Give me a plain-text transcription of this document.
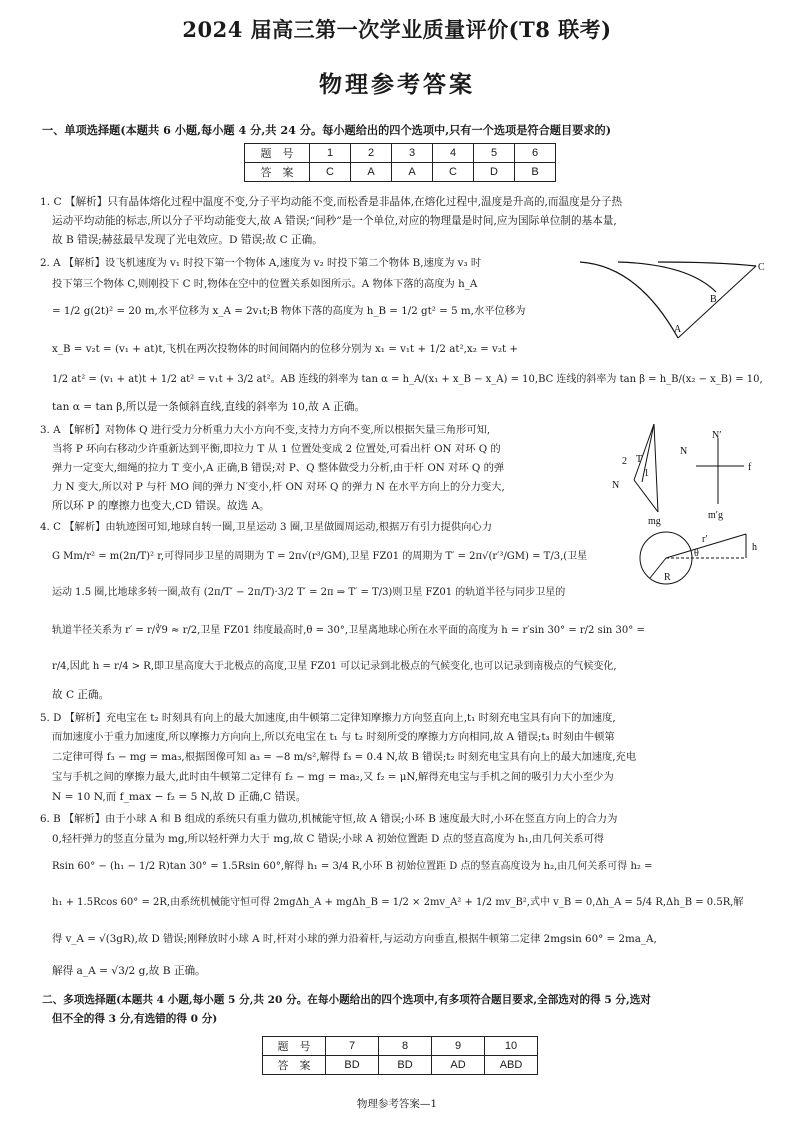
2024 届高三第一次学业质量评价(T8 联考)
物理参考答案
一、单项选择题(本题共 6 小题,每小题 4 分,共 24 分。每小题给出的四个选项中,只有一个选项是符合题目要求的)
题　号	1	2	3	4	5	6
答　案	C	A	A	C	D	B
1. C 【解析】只有晶体熔化过程中温度不变,分子平均动能不变,而松香是非晶体,在熔化过程中,温度是升高的,而温度是分子热
运动平均动能的标志,所以分子平均动能变大,故 A 错误;“间秒”是一个单位,对应的物理量是时间,应为国际单位制的基本量,
故 B 错误;赫兹最早发现了光电效应。D 错误;故 C 正确。
2. A 【解析】设飞机速度为 v₁ 时投下第一个物体 A,速度为 v₂ 时投下第二个物体 B,速度为 v₃ 时
投下第三个物体 C,则刚投下 C 时,物体在空中的位置关系如图所示。A 物体下落的高度为 h_A
= 1/2 g(2t)² = 20 m,水平位移为 x_A = 2v₁t;B 物体下落的高度为 h_B = 1/2 gt² = 5 m,水平位移为
x_B = v₂t = (v₁ + at)t,飞机在两次投物体的时间间隔内的位移分别为 x₁ = v₁t + 1/2 at²,x₂ = v₂t +
1/2 at² = (v₁ + at)t + 1/2 at² = v₁t + 3/2 at²。AB 连线的斜率为 tan α = h_A/(x₁ + x_B − x_A) = 10,BC 连线的斜率为 tan β = h_B/(x₂ − x_B) = 10,
tan α = tan β,所以是一条倾斜直线,直线的斜率为 10,故 A 正确。
A
B
C
3. A 【解析】对物体 Q 进行受力分析重力大小方向不变,支持力方向不变,所以根据矢量三角形可知,
当将 P 环向右移动少许重新达到平衡,即拉力 T 从 1 位置处变成 2 位置处,可看出杆 ON 对环 Q 的
弹力一定变大,细绳的拉力 T 变小,A 正确,B 错误;对 P、Q 整体做受力分析,由于杆 ON 对环 Q 的弹
力 N 变大,所以对 P 与杆 MO 间的弹力 N′变小,杆 ON 对环 Q 的弹力 N 在水平方向上的分力变大,
所以环 P 的摩擦力也变大,CD 错误。故选 A。
2 T
1
N
mg
N′
N
f
m′g
4. C 【解析】由轨迹图可知,地球自转一圈,卫星运动 3 圈,卫星做圆周运动,根据万有引力提供向心力
G Mm/r² = m(2π/T)² r,可得同步卫星的周期为 T = 2π√(r³/GM),卫星 FZ01 的周期为 T′ = 2π√(r′³/GM) = T/3,(卫星
运动 1.5 圈,比地球多转一圈,故有 (2π/T′ − 2π/T)·3/2 T′ = 2π ⇒ T′ = T/3)则卫星 FZ01 的轨道半径与同步卫星的
轨道半径关系为 r′ = r/∛9 ≈ r/2,卫星 FZ01 纬度最高时,θ = 30°,卫星离地球心所在水平面的高度为 h = r′sin 30° = r/2 sin 30° =
r/4,因此 h = r/4 > R,即卫星高度大于北极点的高度,卫星 FZ01 可以记录到北极点的气候变化,也可以记录到南极点的气候变化,
故 C 正确。
r′
θ
h
R
5. D 【解析】充电宝在 t₂ 时刻具有向上的最大加速度,由牛顿第二定律知摩擦力方向竖直向上,t₁ 时刻充电宝具有向下的加速度,
而加速度小于重力加速度,所以摩擦力方向向上,所以充电宝在 t₁ 与 t₂ 时刻所受的摩擦力方向相同,故 A 错误;t₃ 时刻由牛顿第
二定律可得 f₃ − mg = ma₃,根据图像可知 a₃ = −8 m/s²,解得 f₃ = 0.4 N,故 B 错误;t₂ 时刻充电宝具有向上的最大加速度,充电
宝与手机之间的摩擦力最大,此时由牛顿第二定律有 f₂ − mg = ma₂,又 f₂ = μN,解得充电宝与手机之间的吸引力大小至少为
N = 10 N,而 f_max − f₂ = 5 N,故 D 正确,C 错误。
6. B 【解析】由于小球 A 和 B 组成的系统只有重力做功,机械能守恒,故 A 错误;小环 B 速度最大时,小环在竖直方向上的合力为
0,轻杆弹力的竖直分量为 mg,所以轻杆弹力大于 mg,故 C 错误;小球 A 初始位置距 D 点的竖直高度为 h₁,由几何关系可得
Rsin 60° − (h₁ − 1/2 R)tan 30° = 1.5Rsin 60°,解得 h₁ = 3/4 R,小环 B 初始位置距 D 点的竖直高度设为 h₂,由几何关系可得 h₂ =
h₁ + 1.5Rcos 60° = 2R,由系统机械能守恒可得 2mgΔh_A + mgΔh_B = 1/2 × 2mv_A² + 1/2 mv_B²,式中 v_B = 0,Δh_A = 5/4 R,Δh_B = 0.5R,解
得 v_A = √(3gR),故 D 错误;刚释放时小球 A 时,杆对小球的弹力沿着杆,与运动方向垂直,根据牛顿第二定律 2mgsin 60° = 2ma_A,
解得 a_A = √3/2 g,故 B 正确。
二、多项选择题(本题共 4 小题,每小题 5 分,共 20 分。在每小题给出的四个选项中,有多项符合题目要求,全部选对的得 5 分,选对
但不全的得 3 分,有选错的得 0 分)
题　号	7	8	9	10
答　案	BD	BD	AD	ABD
物理参考答案—1
